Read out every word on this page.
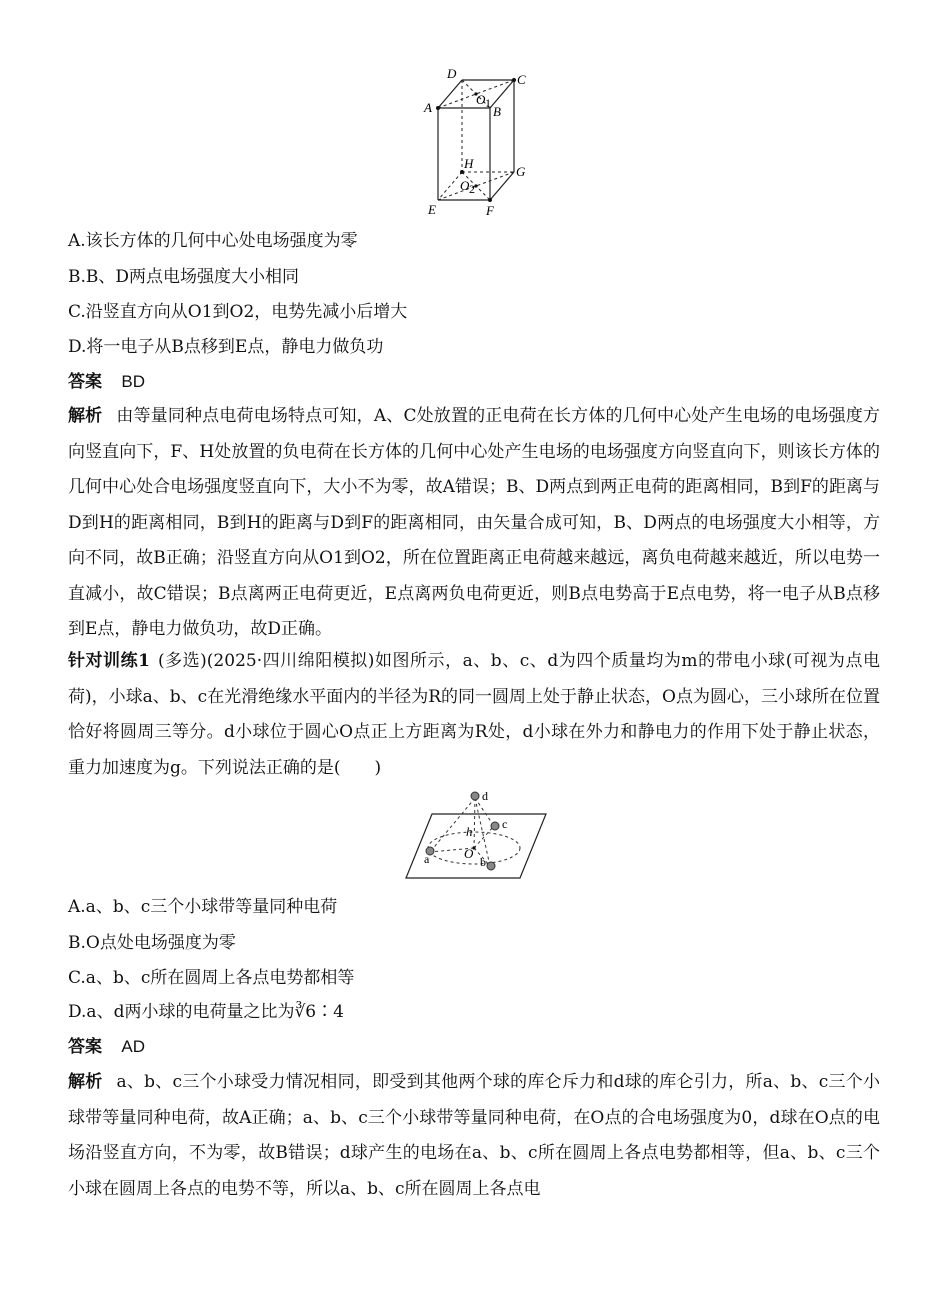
D	C
A	B
O 1
H
G
O 2
E	F
A.该长方体的几何中心处电场强度为零
B.B、D两点电场强度大小相同
C.沿竖直方向从O1到O2，电势先减小后增大
D.将一电子从B点移到E点，静电力做负功
答案 BD
解析 由等量同种点电荷电场特点可知，A、C处放置的正电荷在长方体的几何中心处产生电场的电场强度方向竖直向下，F、H处放置的负电荷在长方体的几何中心处产生电场的电场强度方向竖直向下，则该长方体的几何中心处合电场强度竖直向下，大小不为零，故A错误；B、D两点到两正电荷的距离相同，B到F的距离与D到H的距离相同，B到H的距离与D到F的距离相同，由矢量合成可知，B、D两点的电场强度大小相等，方向不同，故B正确；沿竖直方向从O1到O2，所在位置距离正电荷越来越远，离负电荷越来越近，所以电势一直减小，故C错误；B点离两正电荷更近，E点离两负电荷更近，则B点电势高于E点电势，将一电子从B点移到E点，静电力做负功，故D正确。
针对训练1 (多选)(2025·四川绵阳模拟)如图所示，a、b、c、d为四个质量均为m的带电小球(可视为点电荷)，小球a、b、c在光滑绝缘水平面内的半径为R的同一圆周上处于静止状态，O点为圆心，三小球所在位置恰好将圆周三等分。d小球位于圆心O点正上方距离为R处，d小球在外力和静电力的作用下处于静止状态，重力加速度为g。下列说法正确的是(　　)
d
c
h
O
a	b
A.a、b、c三个小球带等量同种电荷
B.O点处电场强度为零
C.a、b、c所在圆周上各点电势都相等
D.a、d两小球的电荷量之比为∛6∶4
答案 AD
解析 a、b、c三个小球受力情况相同，即受到其他两个球的库仑斥力和d球的库仑引力，所a、b、c三个小球带等量同种电荷，故A正确；a、b、c三个小球带等量同种电荷，在O点的合电场强度为0，d球在O点的电场沿竖直方向，不为零，故B错误；d球产生的电场在a、b、c所在圆周上各点电势都相等，但a、b、c三个小球在圆周上各点的电势不等，所以a、b、c所在圆周上各点电
